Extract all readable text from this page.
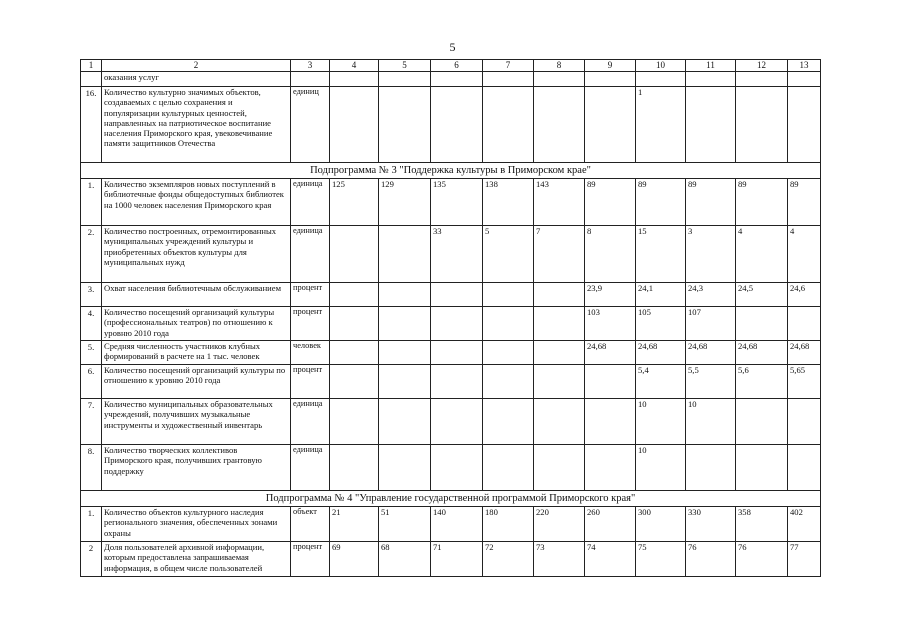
5
1	2	3	4	5	6	7	8	9	10	11	12	13
	оказания услуг											
16.	Количество культурно значимых объектов, создаваемых с целью сохранения и популяризации культурных ценностей, направленных на патриотическое воспитание населения Приморского края, увековечивание памяти защитников Отечества	единиц							1			
Подпрограмма № 3 "Поддержка культуры в Приморском крае"												
1.	Количество экземпляров новых поступлений в библиотечные фонды общедоступных библиотек на 1000 человек населения Приморского края	единица	125	129	135	138	143	89	89	89	89	89
2.	Количество построенных, отремонтированных муниципальных учреждений культуры и приобретенных объектов культуры для муниципальных нужд	единица			33	5	7	8	15	3	4	4
3.	Охват населения библиотечным обслуживанием	процент						23,9	24,1	24,3	24,5	24,6
4.	Количество посещений организаций культуры (профессиональных театров) по отношению к уровню 2010 года	процент						103	105	107		
5.	Средняя численность участников клубных формирований в расчете на 1 тыс. человек	человек						24,68	24,68	24,68	24,68	24,68
6.	Количество посещений организаций культуры по отношению к уровню 2010 года	процент							5,4	5,5	5,6	5,65
7.	Количество муниципальных образовательных учреждений, получивших музыкальные инструменты и художественный инвентарь	единица							10	10		
8.	Количество творческих коллективов Приморского края, получивших грантовую поддержку	единица							10			
Подпрограмма № 4 "Управление государственной программой Приморского края"												
1.	Количество объектов культурного наследия регионального значения, обеспеченных зонами охраны	объект	21	51	140	180	220	260	300	330	358	402
2	Доля пользователей архивной информации, которым предоставлена запрашиваемая информация, в общем числе пользователей	процент	69	68	71	72	73	74	75	76	76	77
